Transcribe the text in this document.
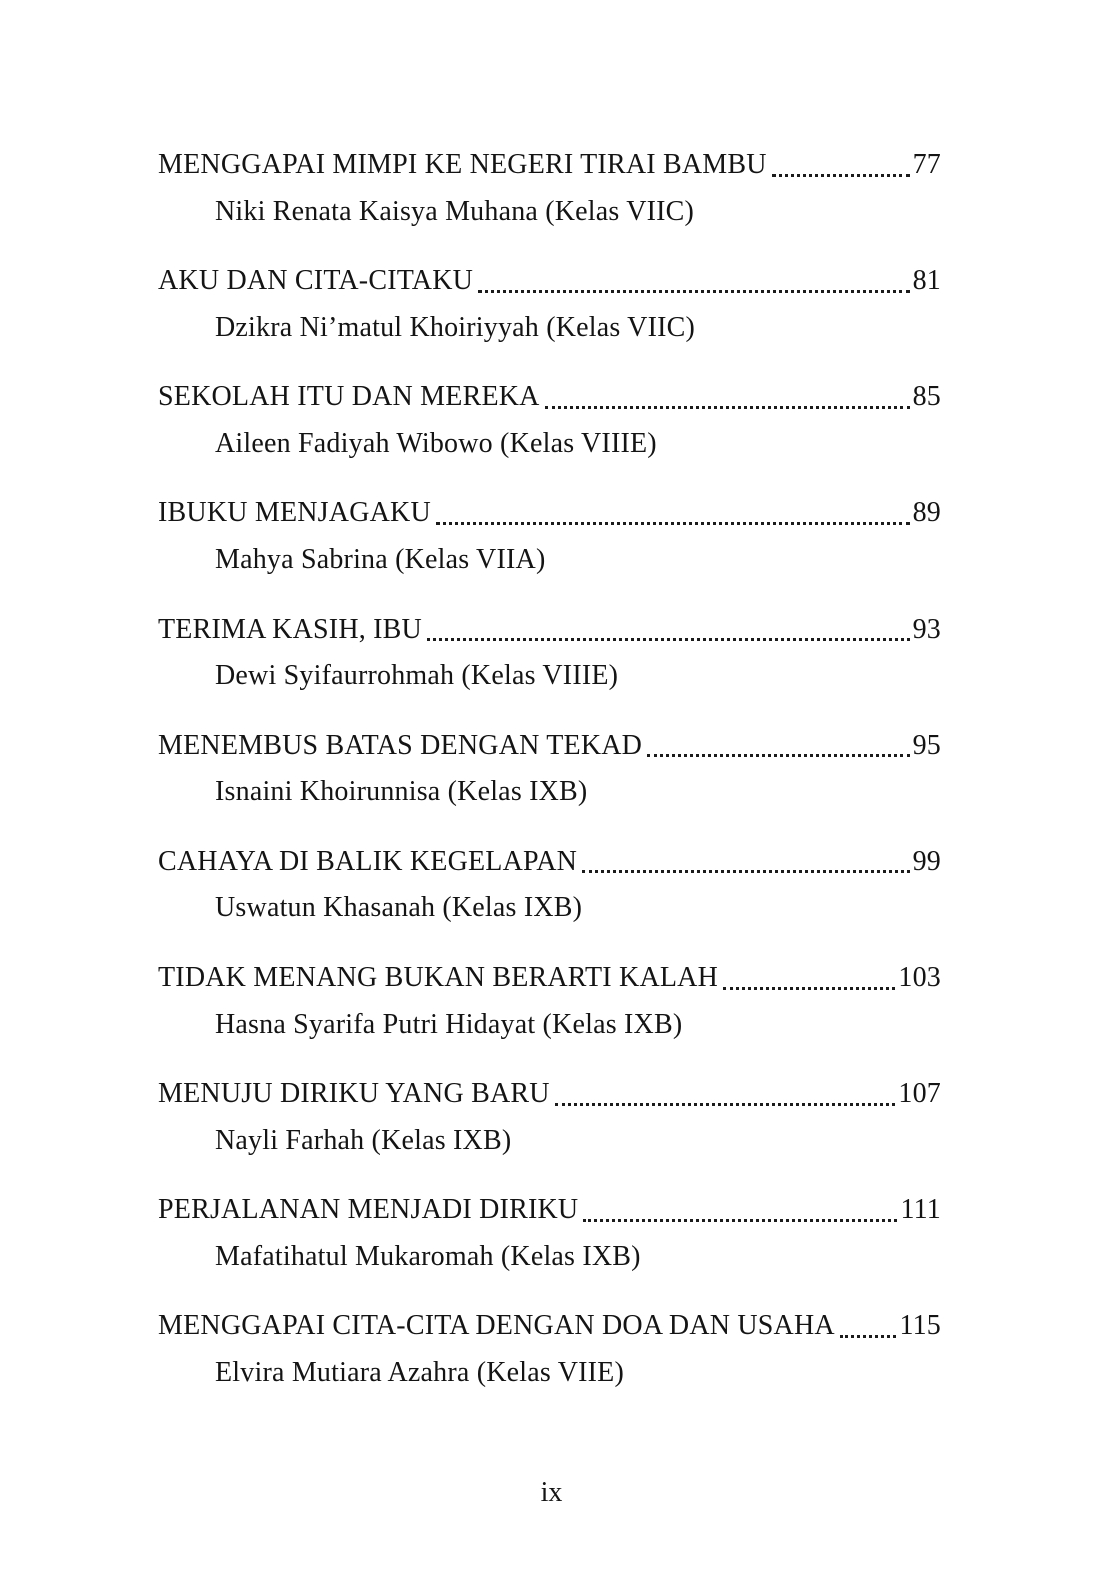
MENGGAPAI MIMPI KE NEGERI TIRAI BAMBU	77
Niki Renata Kaisya Muhana (Kelas VIIC)
AKU DAN CITA-CITAKU	81
Dzikra Ni’matul Khoiriyyah (Kelas VIIC)
SEKOLAH ITU DAN MEREKA	85
Aileen Fadiyah Wibowo (Kelas VIIIE)
IBUKU MENJAGAKU	89
Mahya Sabrina (Kelas VIIA)
TERIMA KASIH, IBU	93
Dewi Syifaurrohmah (Kelas VIIIE)
MENEMBUS BATAS DENGAN TEKAD	95
Isnaini Khoirunnisa (Kelas IXB)
CAHAYA DI BALIK KEGELAPAN	99
Uswatun Khasanah (Kelas IXB)
TIDAK MENANG BUKAN BERARTI KALAH	103
Hasna Syarifa Putri Hidayat (Kelas IXB)
MENUJU DIRIKU YANG BARU	107
Nayli Farhah (Kelas IXB)
PERJALANAN MENJADI DIRIKU	111
Mafatihatul Mukaromah (Kelas IXB)
MENGGAPAI CITA-CITA DENGAN DOA DAN USAHA 115
Elvira Mutiara Azahra (Kelas VIIE)
ix
